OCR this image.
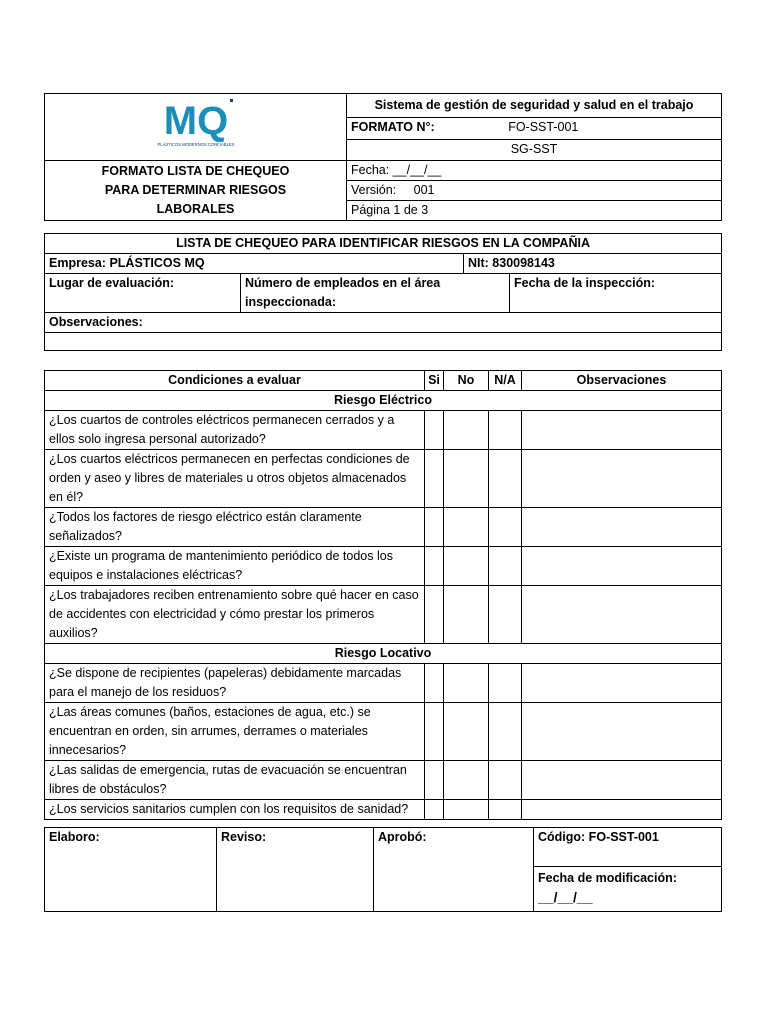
MQ
PLÁSTICOS MODERNOS CONFIABLES	Sistema de gestión de seguridad y salud en el trabajo
	FORMATO N°: FO-SST-001
	SG-SST
FORMATO LISTA DE CHEQUEO PARA DETERMINAR RIESGOS LABORALES	Fecha: __/__/__
	Versión: 001
	Página 1 de 3
LISTA DE CHEQUEO PARA IDENTIFICAR RIESGOS EN LA COMPAÑIA			
Empresa: PLÁSTICOS MQ		NIt: 830098143	
Lugar de evaluación:	Número de empleados en el área inspeccionada:		Fecha de la inspección:
Observaciones:			

Condiciones a evaluar	Si	No	N/A	Observaciones
Riesgo Eléctrico				
¿Los cuartos de controles eléctricos permanecen cerrados y a ellos solo ingresa personal autorizado?				
¿Los cuartos eléctricos permanecen en perfectas condiciones de orden y aseo y libres de materiales u otros objetos almacenados en él?				
¿Todos los factores de riesgo eléctrico están claramente señalizados?				
¿Existe un programa de mantenimiento periódico de todos los equipos e instalaciones eléctricas?				
¿Los trabajadores reciben entrenamiento sobre qué hacer en caso de accidentes con electricidad y cómo prestar los primeros auxilios?				
Riesgo Locativo				
¿Se dispone de recipientes (papeleras) debidamente marcadas para el manejo de los residuos?				
¿Las áreas comunes (baños, estaciones de agua, etc.) se encuentran en orden, sin arrumes, derrames o materiales innecesarios?				
¿Las salidas de emergencia, rutas de evacuación se encuentran libres de obstáculos?				
¿Los servicios sanitarios cumplen con los requisitos de sanidad?				
Elaboro:	Reviso:	Aprobó:	Código: FO-SST-001

Fecha de modificación:
__/__/__
